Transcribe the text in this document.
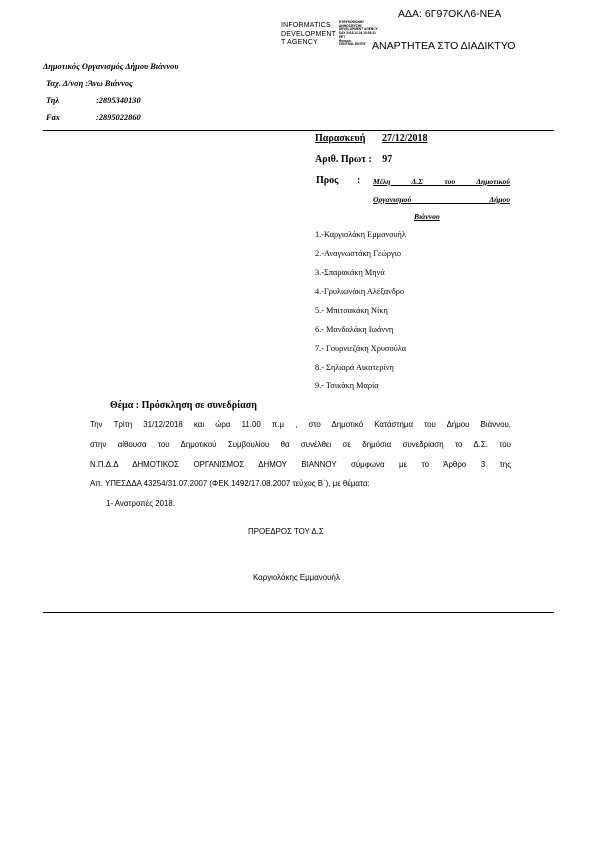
ΑΔΑ: 6Γ97ΟΚΛ6-ΝΕΑ
INFORMATICS
DEVELOPMENT
T AGENCY
ΕΥΘΥΝΟΦΩΝΗΣ
ΔΗΜΟΣΙΕΥΣΗΣ
DEVELOPMENT AGENCY
DAY 2018.12.28 15:53:31
EET
Reason:
CENTRAL ENTRY ΑΝΑΡΤΗΤΕΑ ΣΤΟ ΔΙΑΔΙΚΤΥΟ
Δημοτικός Οργανισμός Δήμου Βιάννου
Ταχ. Δ/νση :Άνω Βιάννος
Τηλ	:2895340130
Fax	:2895022860
Παρασκευή 27/12/2018
Αριθ. Πρωτ : 97
Προς : Μέλη Δ.Σ του Δημοτικού
Οργανισμού Δήμου
Βιάννου
1.-Καργιολάκη Εμμανουήλ
2.-Αναγνωστάκη Γεώργιο
3.-Σπαρακάκη Μηνά
4.-Γρυλιωνάκη Αλέξανδρο
5.- Μπιτσακάκη Νίκη
6.- Μανδαλάκη Ιωάννη
7.- Γουρνιεζάκη Χρυσούλα
8.- Σηλιαρά Αικατερίνη
9.- Τσικάκη Μαρία
Θέμα : Πρόσκληση σε συνεδρίαση
Την Τρίτη 31/12/2018 και ώρα 11.00 π.μ , στο Δημοτικό Κατάστημα του Δήμου Βιάννου,
στην αίθουσα του Δημοτικού Συμβουλίου θα συνέλθει σε δημόσια συνεδρίαση το Δ.Σ. του
Ν.Π.Δ.Δ ΔΗΜΟΤΙΚΟΣ ΟΡΓΑΝΙΣΜΟΣ ΔΗΜΟΥ ΒΙΑΝΝΟΥ σύμφωνα με το Άρθρο 3 της
Απ. ΥΠΕΣΔΔΑ 43254/31.07.2007 (ΦΕΚ 1492/17.08.2007 τεύχος Β΄), με θέματα:
1- Ανατροπές 2018.
ΠΡΟΕΔΡΟΣ ΤΟΥ Δ.Σ
Καργιολάκης Εμμανουήλ
